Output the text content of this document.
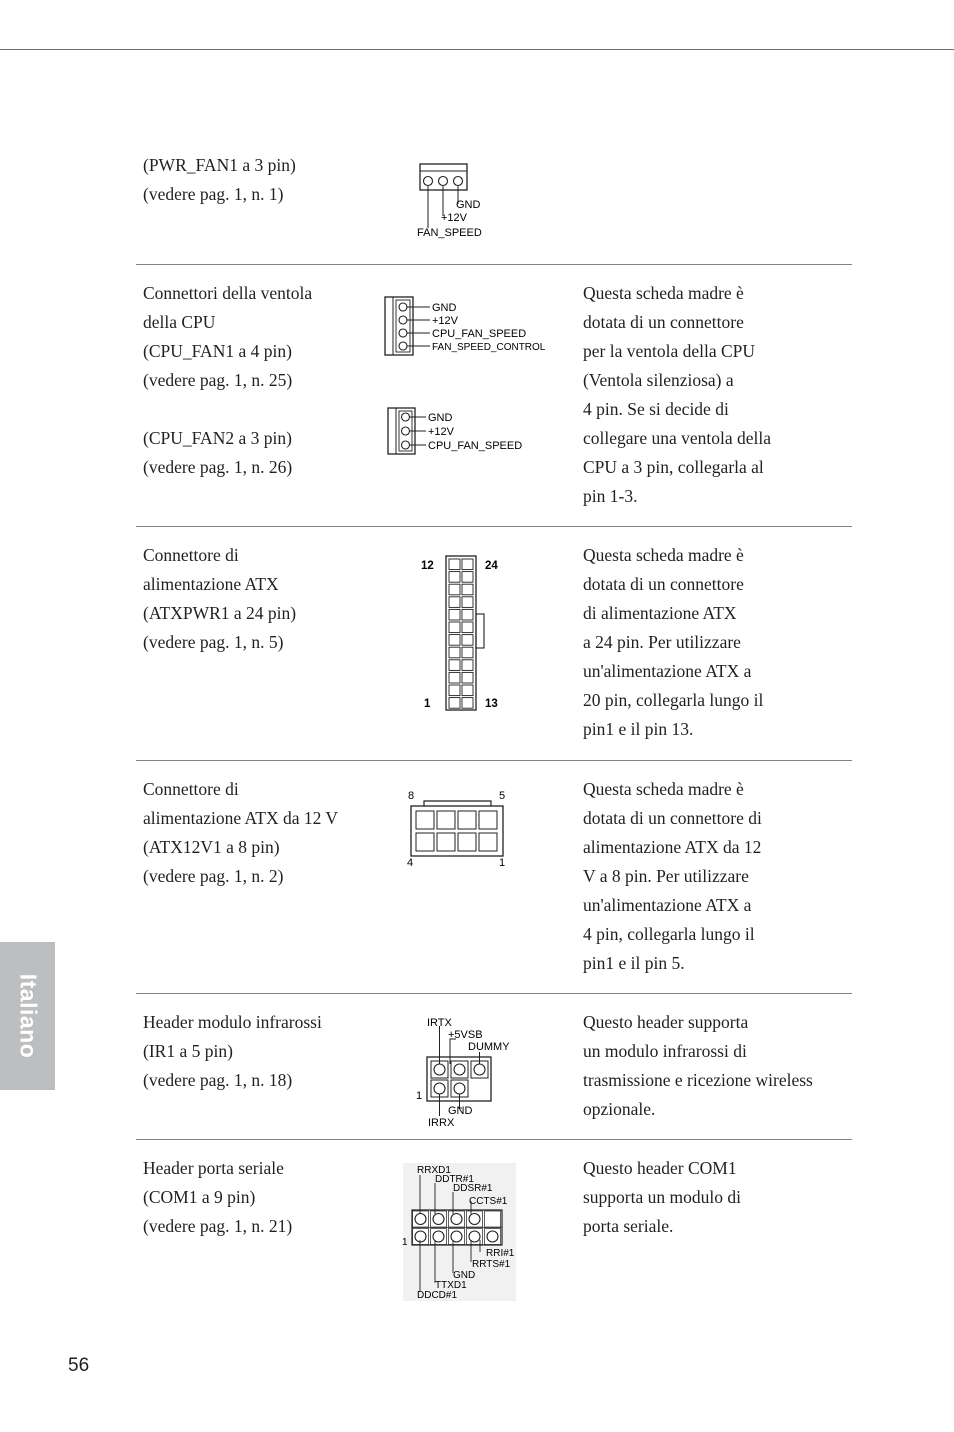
(PWR_FAN1 a 3 pin)
(vedere pag. 1, n. 1)
GND
+12V
FAN_SPEED
Connettori della ventola
della CPU
(CPU_FAN1 a 4 pin)
(vedere pag. 1, n. 25)
(CPU_FAN2 a 3 pin)
(vedere pag. 1, n. 26)
GND
+12V
CPU_FAN_SPEED
FAN_SPEED_CONTROL
GND
+12V
CPU_FAN_SPEED
Questa scheda madre è
dotata di un connettore
per la ventola della CPU
(Ventola silenziosa) a
4 pin. Se si decide di
collegare una ventola della
CPU a 3 pin, collegarla al
pin 1-3.
Connettore di
alimentazione ATX
(ATXPWR1 a 24 pin)
(vedere pag. 1, n. 5)
12	24
1	13
Questa scheda madre è
dotata di un connettore
di alimentazione ATX
a 24 pin. Per utilizzare
un'alimentazione ATX a
20 pin, collegarla lungo il
pin1 e il pin 13.
Connettore di
alimentazione ATX da 12 V
(ATX12V1 a 8 pin)
(vedere pag. 1, n. 2)
8	5
4	1
Questa scheda madre è
dotata di un connettore di
alimentazione ATX da 12
V a 8 pin. Per utilizzare
un'alimentazione ATX a
4 pin, collegarla lungo il
pin1 e il pin 5.
Header modulo infrarossi
(IR1 a 5 pin)
(vedere pag. 1, n. 18)
IRTX
+5VSB
DUMMY
1
GND
IRRX
Questo header supporta
un modulo infrarossi di
trasmissione e ricezione wireless
opzionale.
Header porta seriale
(COM1 a 9 pin)
(vedere pag. 1, n. 21)
RRXD1
DDTR#1
DDSR#1
CCTS#1
1
RRI#1
RRTS#1
GND
TTXD1
DDCD#1
Questo header COM1
supporta un modulo di
porta seriale.
Italiano
56
